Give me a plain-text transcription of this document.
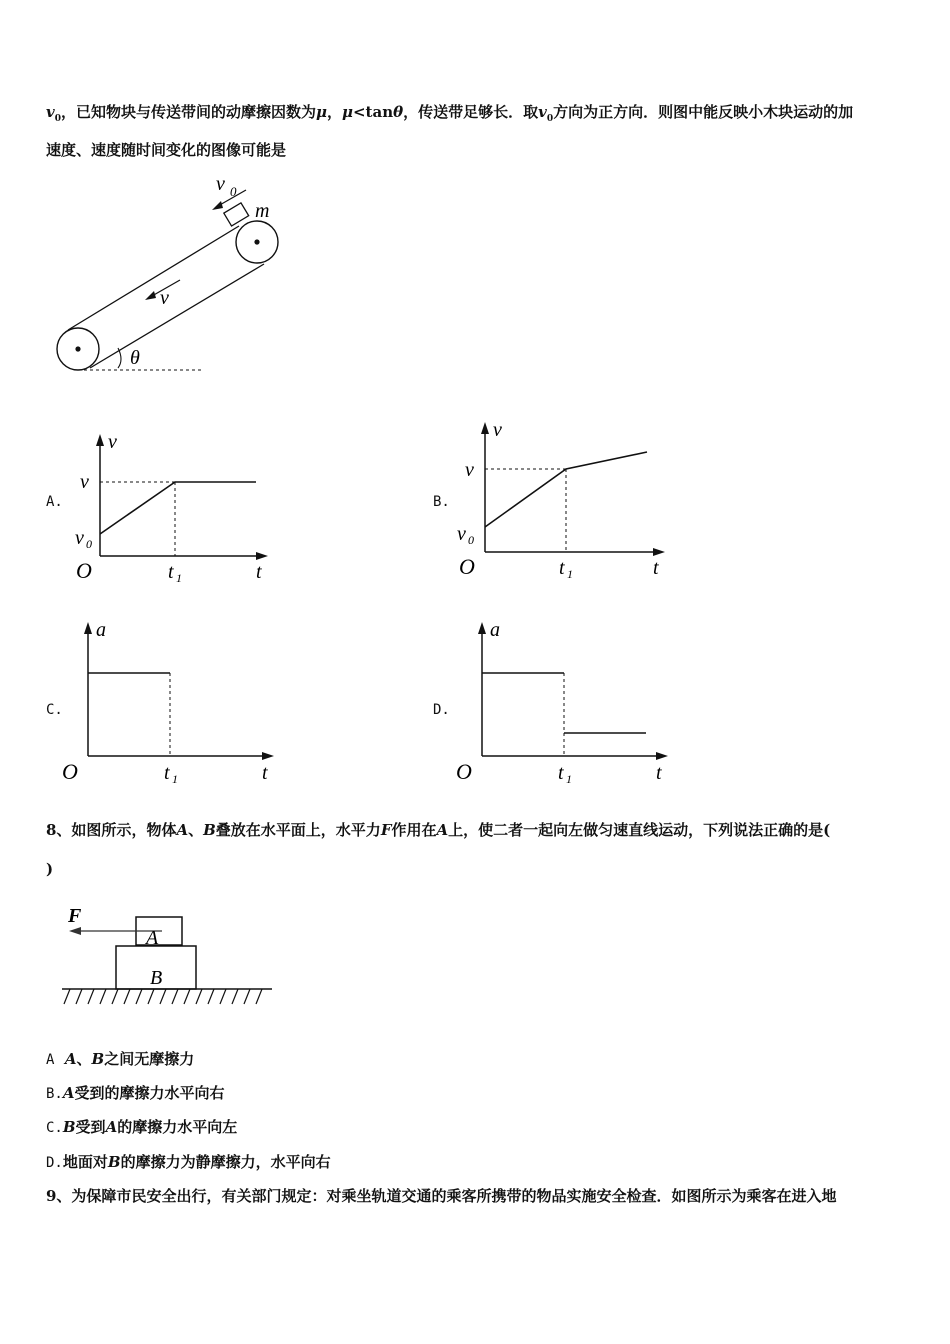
$v_0$，已知物块与传送带间的动摩擦因数为μ，μ<tanθ，传送带足够长．取$v_0$方向为正方向．则图中能反映小木块运动的加
速度、速度随时间变化的图像可能是
v 0
m
v
θ
A.	B.
C.	D.
v
v
v 0
O	t 1	t
v
v
v 0
O	t 1	t
a
O	t 1	t
a
O	t 1	t
8、如图所示，物体A、B叠放在水平面上，水平力F作用在A上，使二者一起向左做匀速直线运动，下列说法正确的是(
)
F
A
B
A A、B之间无摩擦力
B.A受到的摩擦力水平向右
C.B受到A的摩擦力水平向左
D.地面对B的摩擦力为静摩擦力，水平向右
9、为保障市民安全出行，有关部门规定：对乘坐轨道交通的乘客所携带的物品实施安全检查．如图所示为乘客在进入地
